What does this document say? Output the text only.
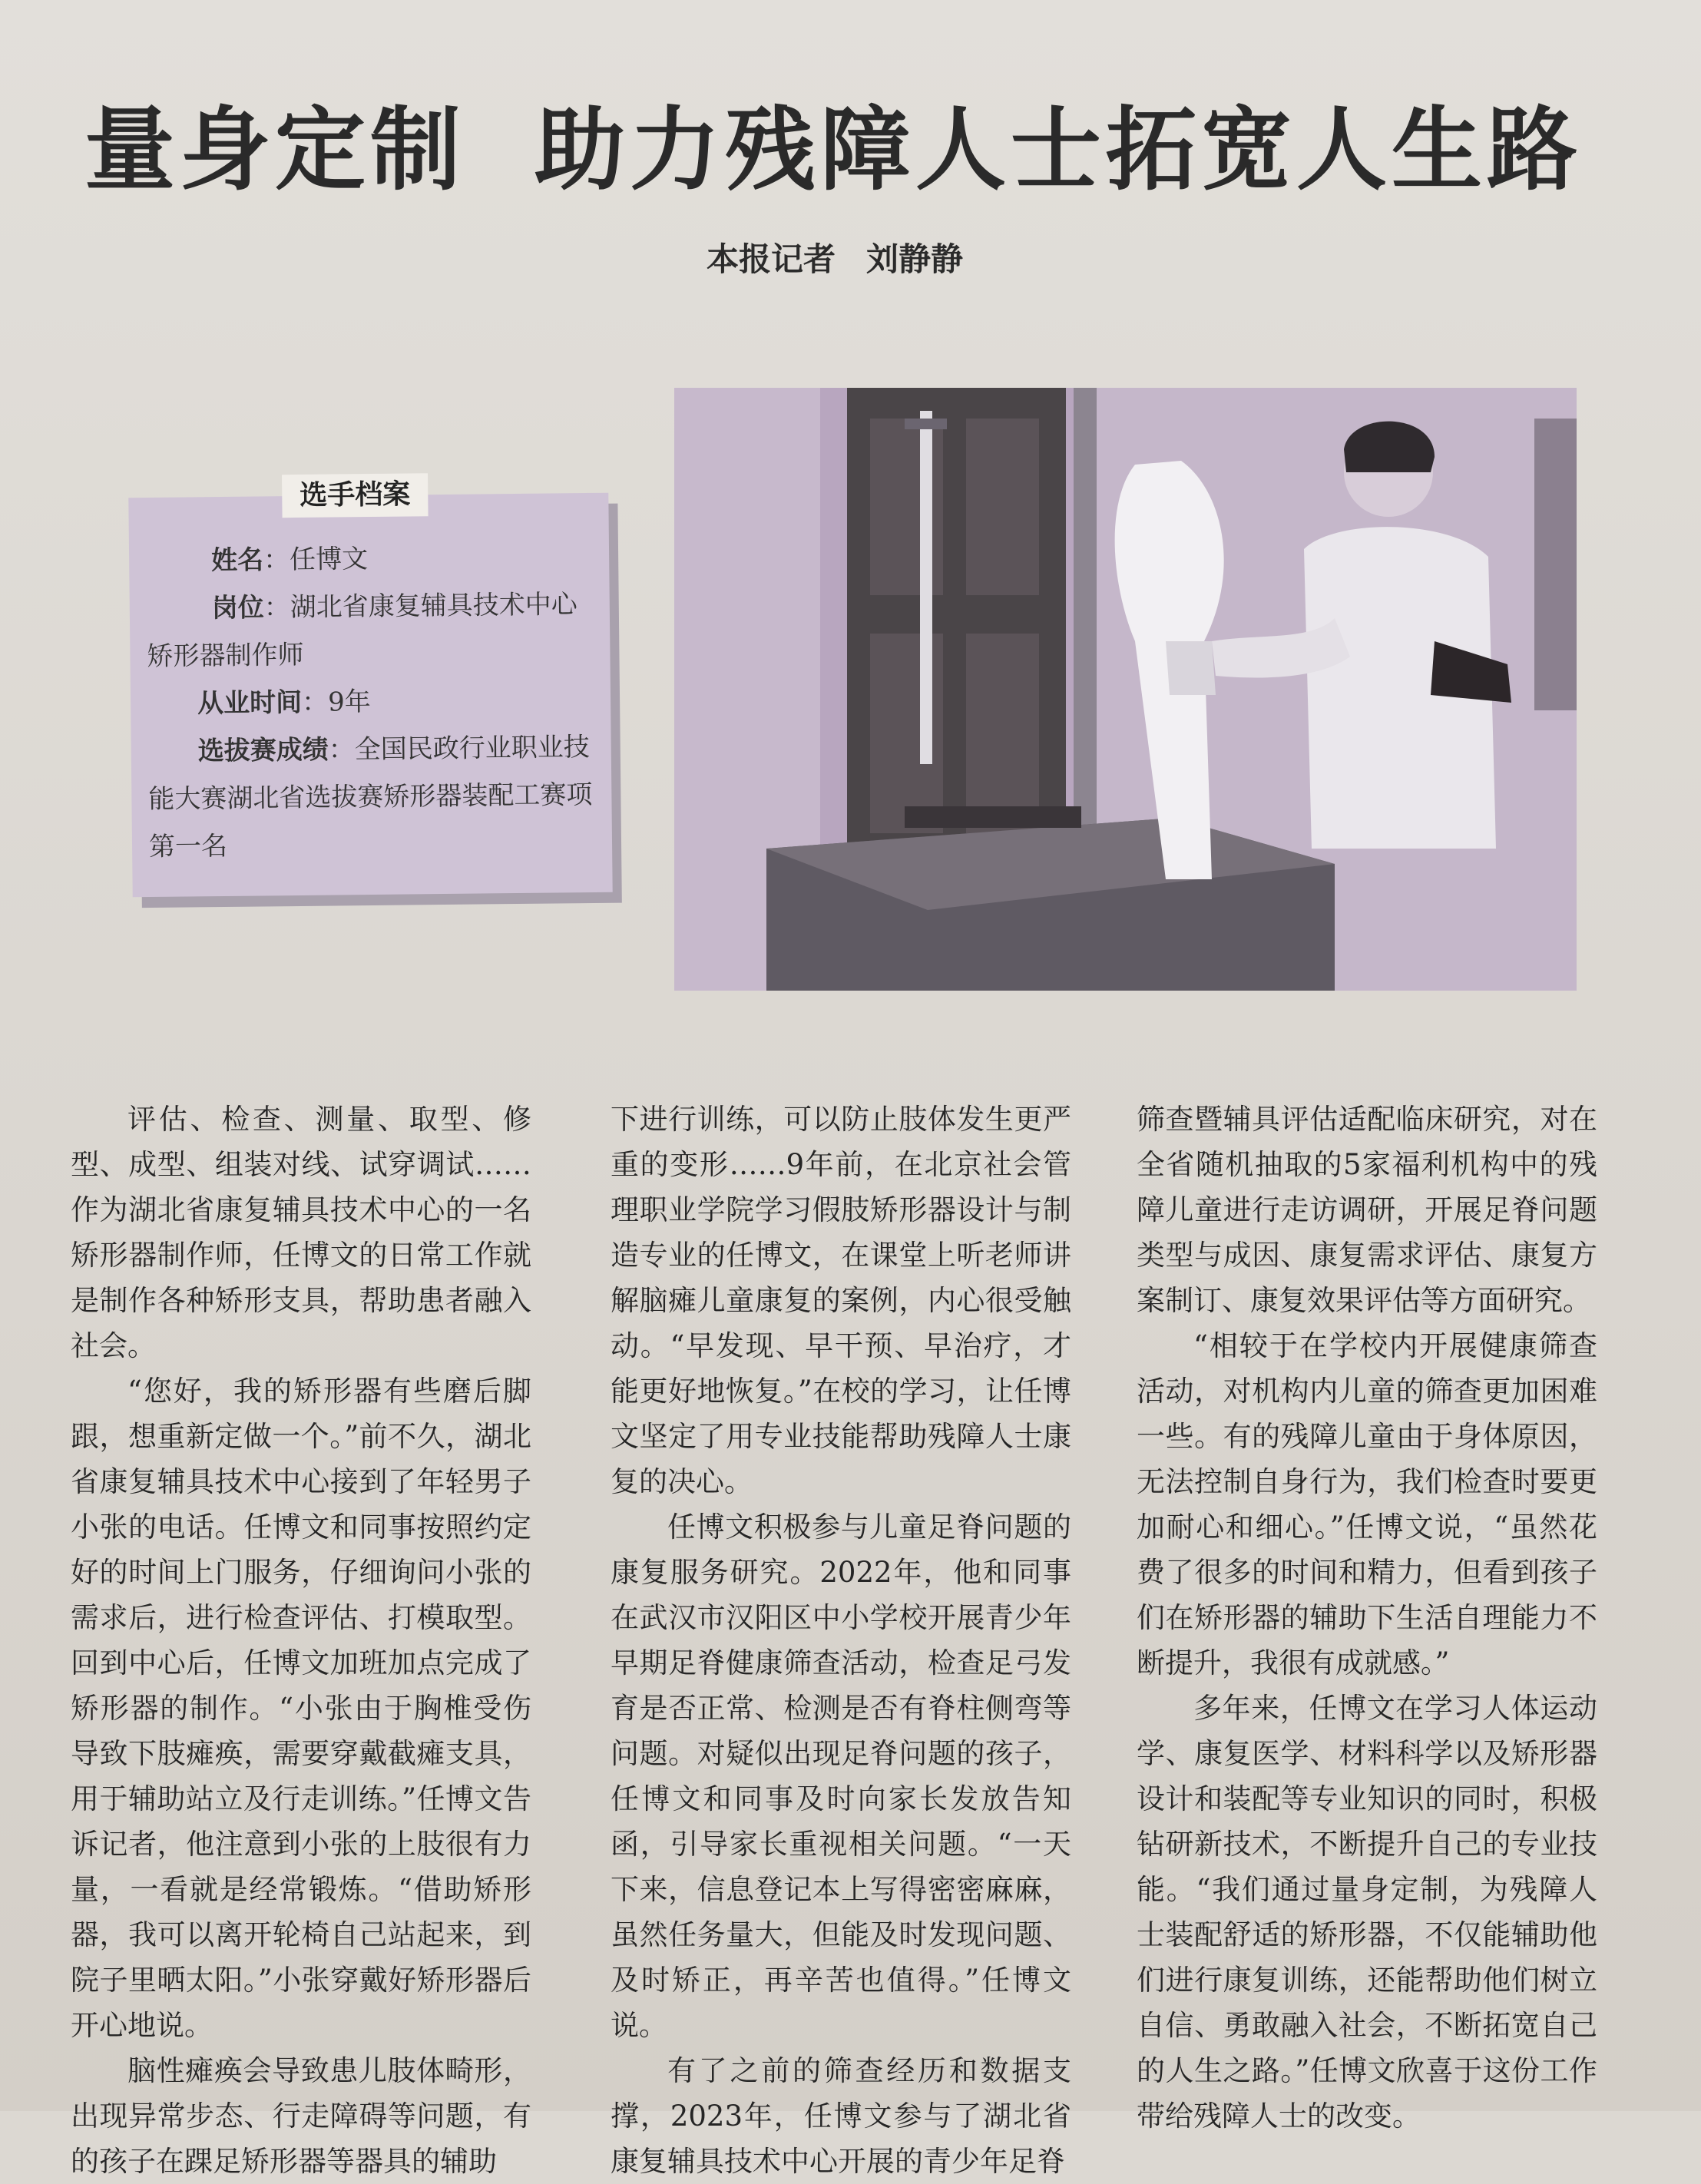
量身定制 助力残障人士拓宽人生路
本报记者 刘静静
选手档案

姓名：任博文

岗位：湖北省康复辅具技术中心矫形器制作师

从业时间：9年

选拔赛成绩：全国民政行业职业技能大赛湖北省选拔赛矫形器装配工赛项第一名

评估、检查、测量、取型、修型、成型、组装对线、试穿调试……作为湖北省康复辅具技术中心的一名矫形器制作师，任博文的日常工作就是制作各种矫形支具，帮助患者融入社会。

“您好，我的矫形器有些磨后脚跟，想重新定做一个。”前不久，湖北省康复辅具技术中心接到了年轻男子小张的电话。任博文和同事按照约定好的时间上门服务，仔细询问小张的需求后，进行检查评估、打模取型。回到中心后，任博文加班加点完成了矫形器的制作。“小张由于胸椎受伤导致下肢瘫痪，需要穿戴截瘫支具，用于辅助站立及行走训练。”任博文告诉记者，他注意到小张的上肢很有力量，一看就是经常锻炼。“借助矫形器，我可以离开轮椅自己站起来，到院子里晒太阳。”小张穿戴好矫形器后开心地说。

脑性瘫痪会导致患儿肢体畸形，出现异常步态、行走障碍等问题，有的孩子在踝足矫形器等器具的辅助

下进行训练，可以防止肢体发生更严重的变形……9年前，在北京社会管理职业学院学习假肢矫形器设计与制造专业的任博文，在课堂上听老师讲解脑瘫儿童康复的案例，内心很受触动。“早发现、早干预、早治疗，才能更好地恢复。”在校的学习，让任博文坚定了用专业技能帮助残障人士康复的决心。

任博文积极参与儿童足脊问题的康复服务研究。2022年，他和同事在武汉市汉阳区中小学校开展青少年早期足脊健康筛查活动，检查足弓发育是否正常、检测是否有脊柱侧弯等问题。对疑似出现足脊问题的孩子，任博文和同事及时向家长发放告知函，引导家长重视相关问题。“一天下来，信息登记本上写得密密麻麻，虽然任务量大，但能及时发现问题、及时矫正，再辛苦也值得。”任博文说。

有了之前的筛查经历和数据支撑，2023年，任博文参与了湖北省康复辅具技术中心开展的青少年足脊

筛查暨辅具评估适配临床研究，对在全省随机抽取的5家福利机构中的残障儿童进行走访调研，开展足脊问题类型与成因、康复需求评估、康复方案制订、康复效果评估等方面研究。

“相较于在学校内开展健康筛查活动，对机构内儿童的筛查更加困难一些。有的残障儿童由于身体原因，无法控制自身行为，我们检查时要更加耐心和细心。”任博文说，“虽然花费了很多的时间和精力，但看到孩子们在矫形器的辅助下生活自理能力不断提升，我很有成就感。”

多年来，任博文在学习人体运动学、康复医学、材料科学以及矫形器设计和装配等专业知识的同时，积极钻研新技术，不断提升自己的专业技能。“我们通过量身定制，为残障人士装配舒适的矫形器，不仅能辅助他们进行康复训练，还能帮助他们树立自信、勇敢融入社会，不断拓宽自己的人生之路。”任博文欣喜于这份工作带给残障人士的改变。
